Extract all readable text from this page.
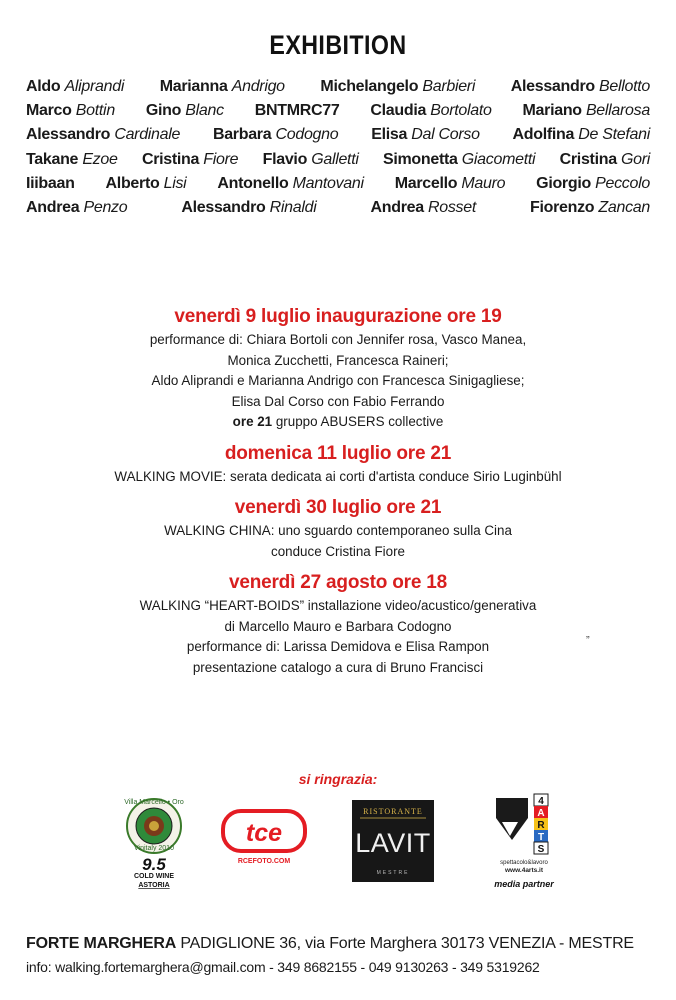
EXHIBITION
Aldo Aliprandi Marianna Andrigo Michelangelo Barbieri Alessandro Bellotto
Marco Bottin Gino Blanc BNTMRC77 Claudia Bortolato Mariano Bellarosa
Alessandro Cardinale Barbara Codogno Elisa Dal Corso Adolfina De Stefani
Takane Ezoe Cristina Fiore Flavio Galletti Simonetta Giacometti Cristina Gori
Iiibaan Alberto Lisi Antonello Mantovani Marcello Mauro Giorgio Peccolo
Andrea Penzo	Alessandro Rinaldi	Andrea Rosset	Fiorenzo Zancan
venerdì 9 luglio inaugurazione ore 19
performance di: Chiara Bortoli con Jennifer rosa, Vasco Manea,
Monica Zucchetti, Francesca Raineri;
Aldo Aliprandi e Marianna Andrigo con Francesca Sinigagliese;
Elisa Dal Corso con Fabio Ferrando
ore 21 gruppo ABUSERS collective
domenica 11 luglio ore 21
WALKING MOVIE: serata dedicata ai corti d'artista conduce Sirio Luginbühl
venerdì 30 luglio ore 21
WALKING CHINA: uno sguardo contemporaneo sulla Cina
conduce Cristina Fiore
venerdì 27 agosto ore 18
WALKING “HEART-BOIDS” installazione video/acustico/generativa
di Marcello Mauro e Barbara Codogno
performance di: Larissa Demidova e Elisa Rampon
presentazione catalogo a cura di Bruno Francisci
„
si ringrazia:
Villa Marcello • Oro
Vinitaly 2010
9.5
COLD WINE
ASTORIA
tce
RCEFOTO.COM
RISTORANTE
LAVIT
MESTRE
4
A
R
T
S
spettacolo&lavoro
www.4arts.it
media partner
FORTE MARGHERA PADIGLIONE 36, via Forte Marghera 30173 VENEZIA - MESTRE
info: walking.fortemarghera@gmail.com - 349 8682155 - 049 9130263 - 349 5319262
